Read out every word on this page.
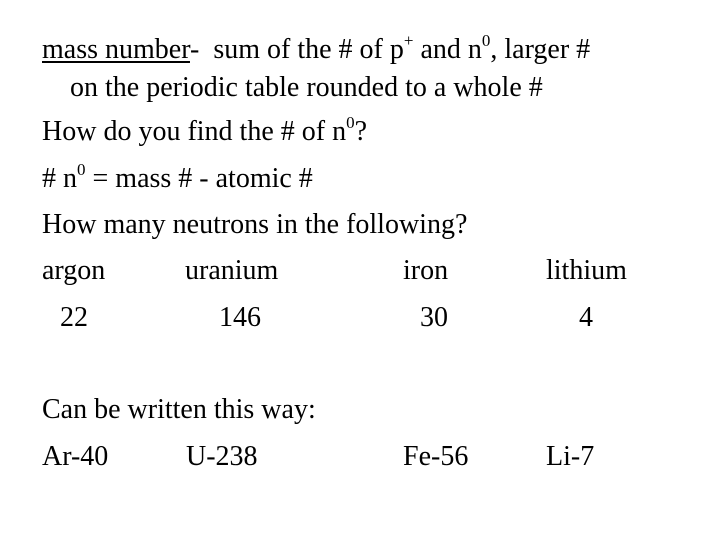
mass number-  sum of the # of p+ and $n^0$, larger #
on the periodic table rounded to a whole #
How do you find the # of $n^0$?
# $n^0$ = mass # - atomic #
How many neutrons in the following?
argon	uranium	iron	lithium
22	146	30	4
Can be written this way:
Ar-40	U-238	Fe-56	Li-7
